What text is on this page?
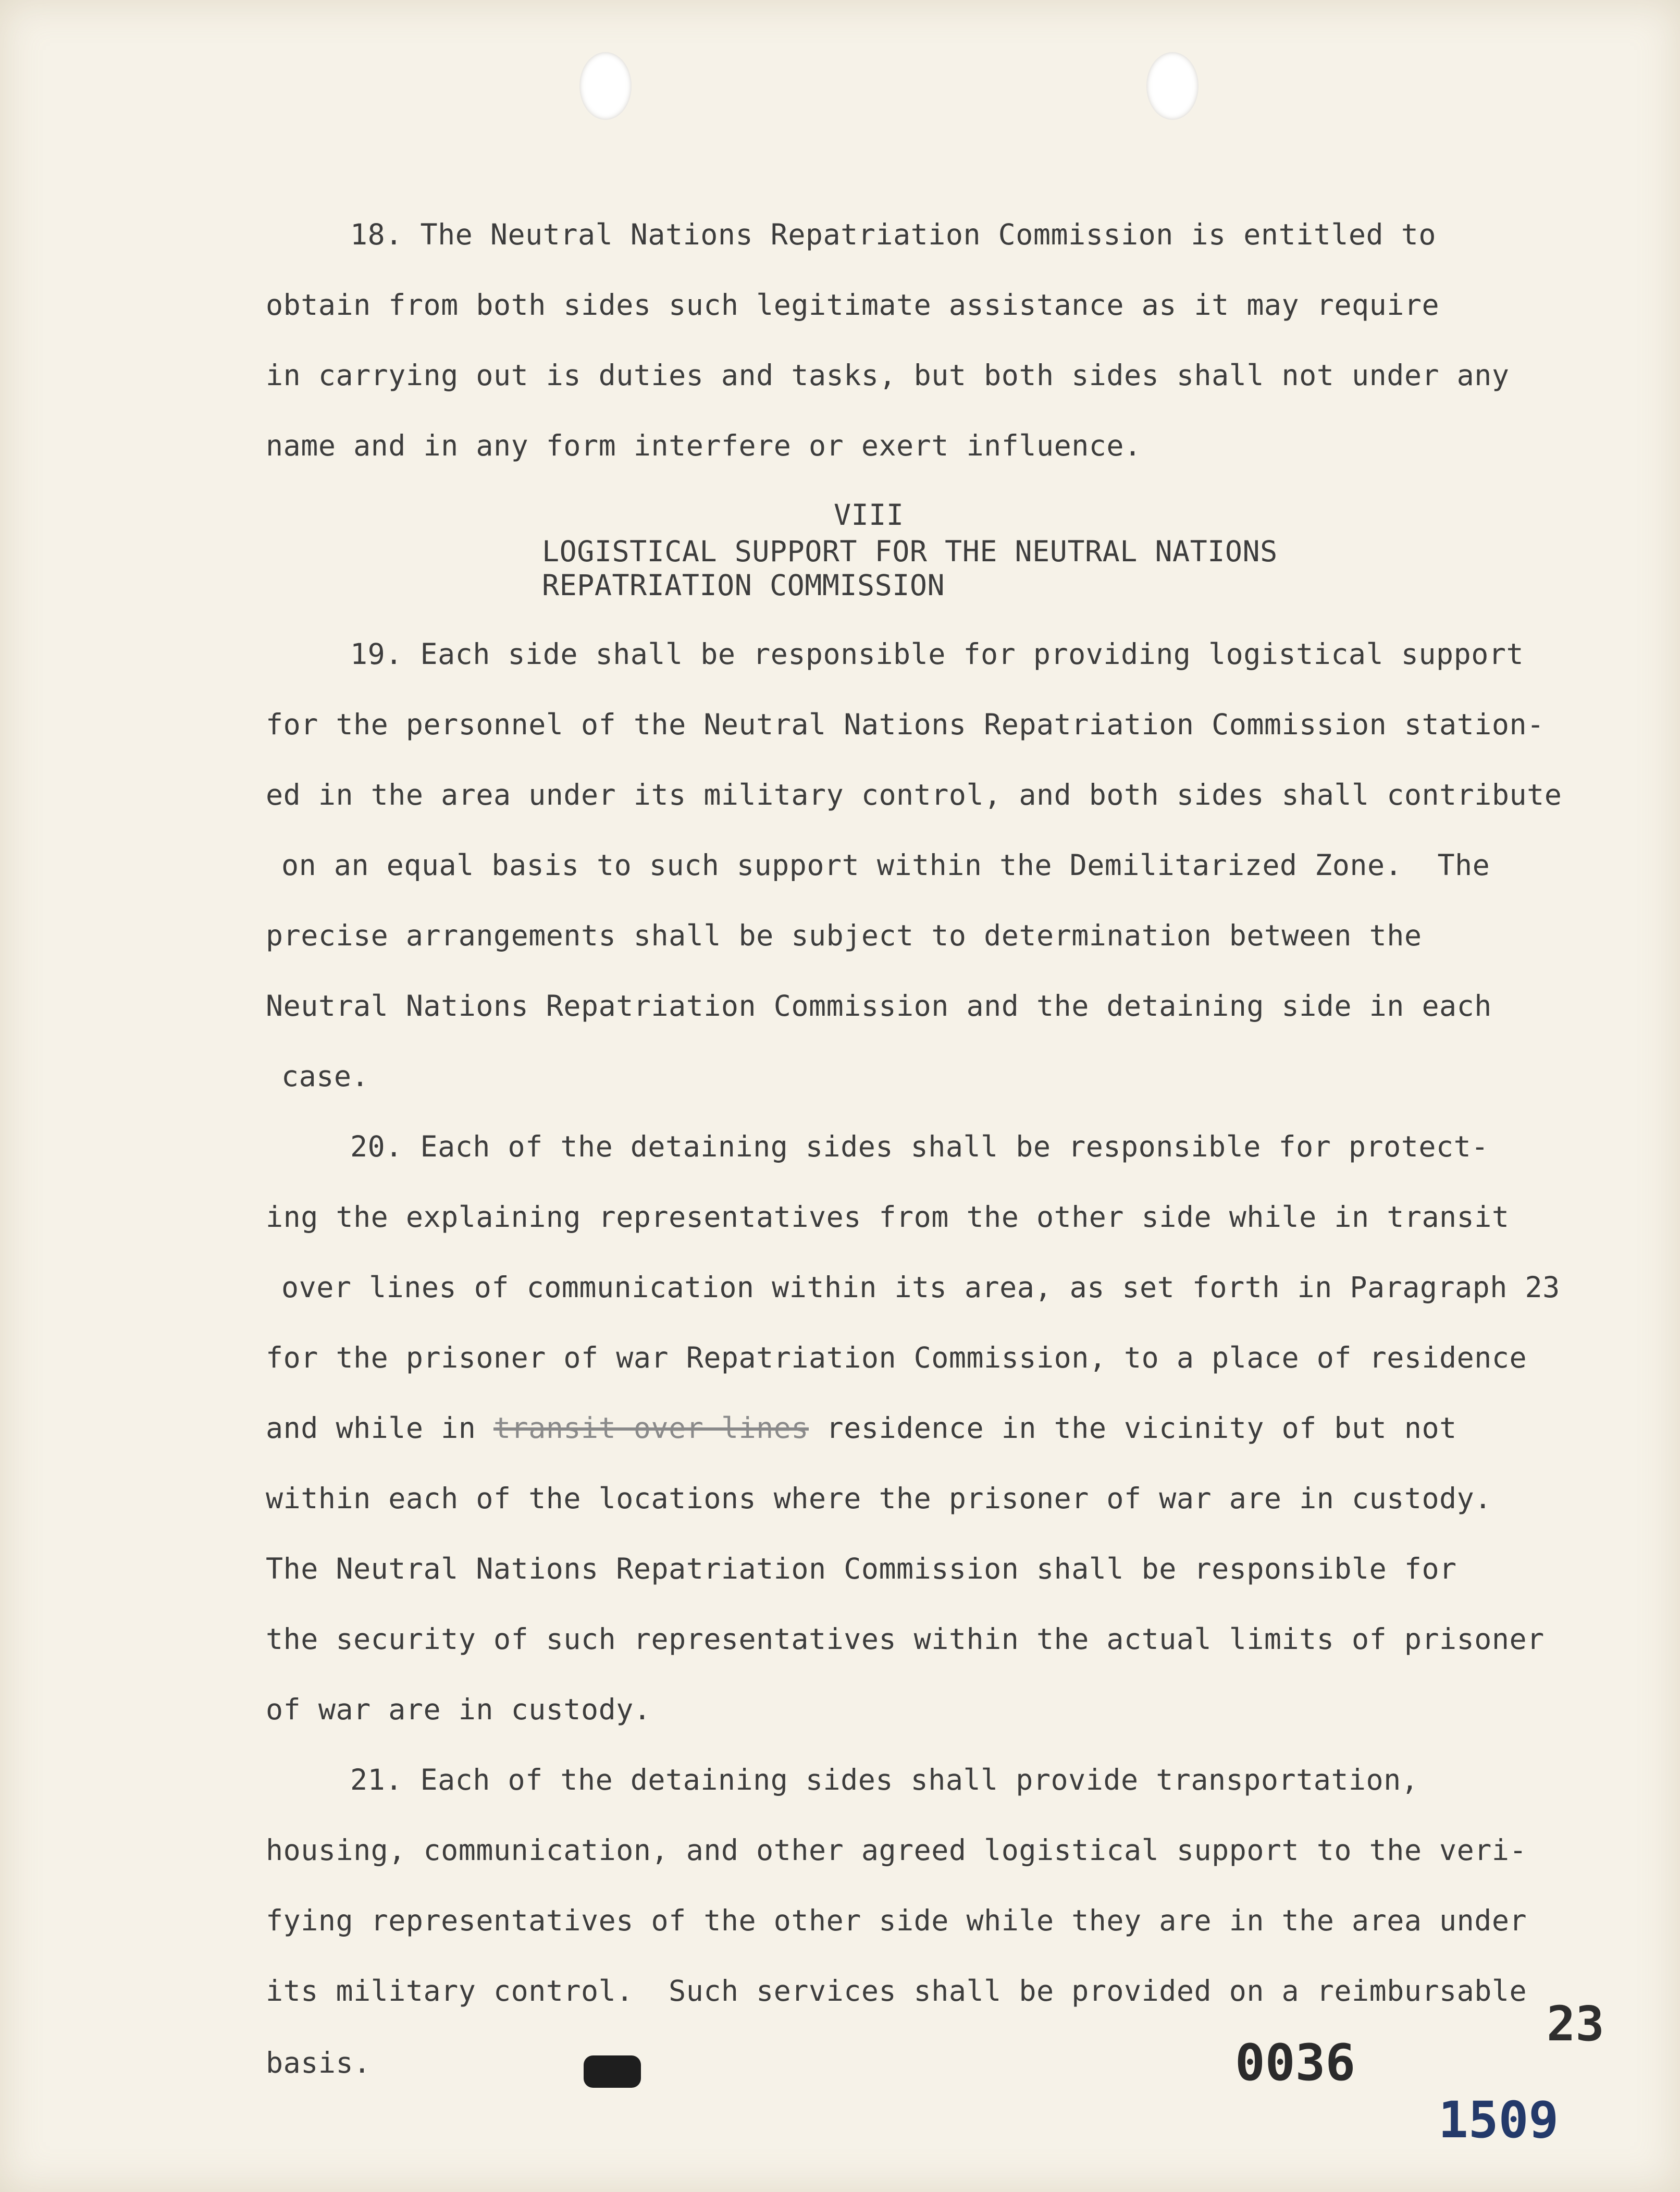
18. The Neutral Nations Repatriation Commission is entitled to
obtain from both sides such legitimate assistance as it may require
in carrying out is duties and tasks, but both sides shall not under any
name and in any form interfere or exert influence.
VIII
LOGISTICAL SUPPORT FOR THE NEUTRAL NATIONS
REPATRIATION COMMISSION
19. Each side shall be responsible for providing logistical support
for the personnel of the Neutral Nations Repatriation Commission station-
ed in the area under its military control, and both sides shall contribute
on an equal basis to such support within the Demilitarized Zone.  The
precise arrangements shall be subject to determination between the
Neutral Nations Repatriation Commission and the detaining side in each
case.
20. Each of the detaining sides shall be responsible for protect-
ing the explaining representatives from the other side while in transit
over lines of communication within its area, as set forth in Paragraph 23
for the prisoner of war Repatriation Commission, to a place of residence
and while in transit over lines residence in the vicinity of but not
within each of the locations where the prisoner of war are in custody.
The Neutral Nations Repatriation Commission shall be responsible for
the security of such representatives within the actual limits of prisoner
of war are in custody.
21. Each of the detaining sides shall provide transportation,
housing, communication, and other agreed logistical support to the veri-
fying representatives of the other side while they are in the area under
its military control.  Such services shall be provided on a reimbursable
basis.	0036
23
1509
